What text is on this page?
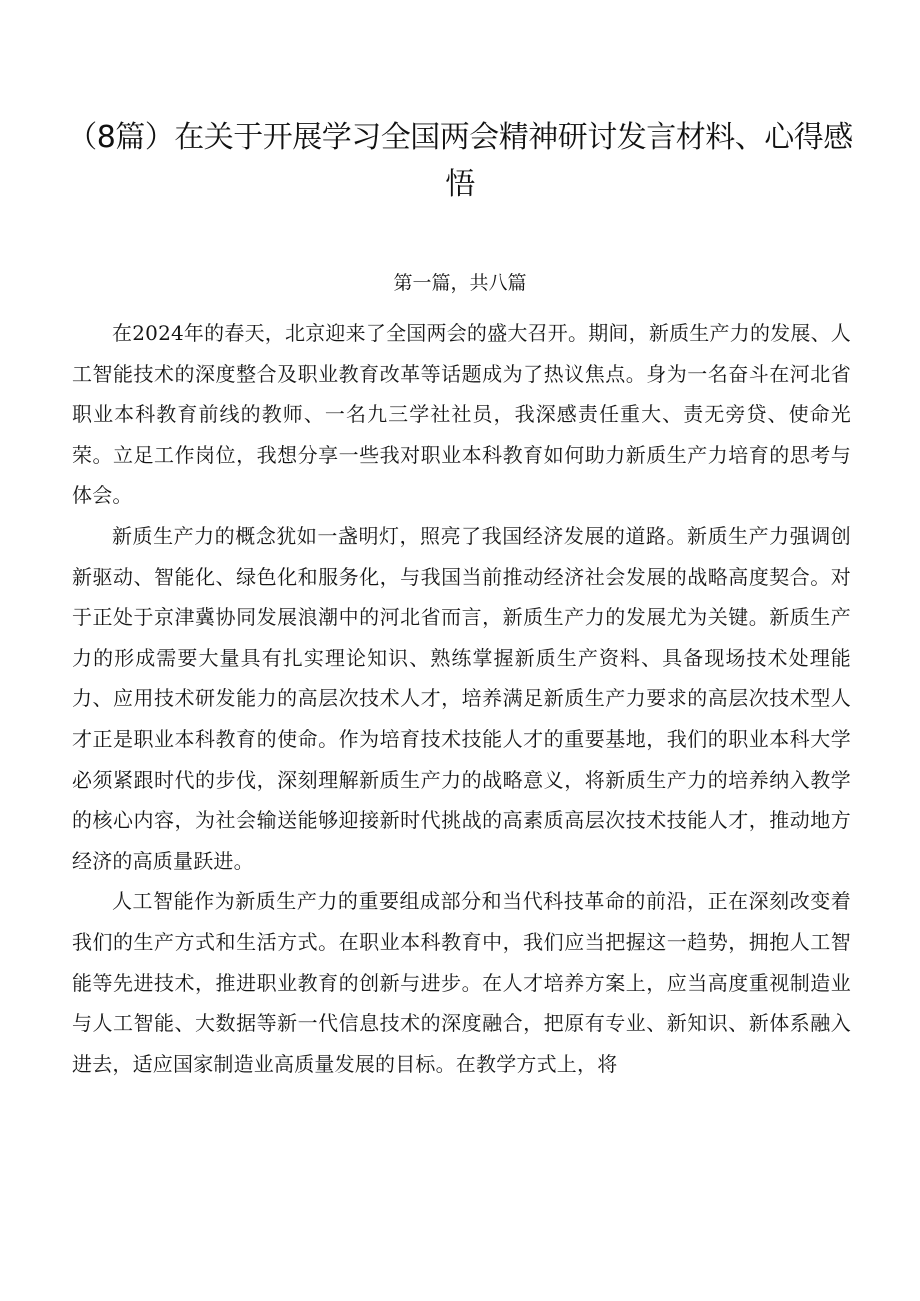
（8篇）在关于开展学习全国两会精神研讨发言材料、心得感悟
第一篇，共八篇

在2024年的春天，北京迎来了全国两会的盛大召开。期间，新质生产力的发展、人工智能技术的深度整合及职业教育改革等话题成为了热议焦点。身为一名奋斗在河北省职业本科教育前线的教师、一名九三学社社员，我深感责任重大、责无旁贷、使命光荣。立足工作岗位，我想分享一些我对职业本科教育如何助力新质生产力培育的思考与体会。

新质生产力的概念犹如一盏明灯，照亮了我国经济发展的道路。新质生产力强调创新驱动、智能化、绿色化和服务化，与我国当前推动经济社会发展的战略高度契合。对于正处于京津冀协同发展浪潮中的河北省而言，新质生产力的发展尤为关键。新质生产力的形成需要大量具有扎实理论知识、熟练掌握新质生产资料、具备现场技术处理能力、应用技术研发能力的高层次技术人才，培养满足新质生产力要求的高层次技术型人才正是职业本科教育的使命。作为培育技术技能人才的重要基地，我们的职业本科大学必须紧跟时代的步伐，深刻理解新质生产力的战略意义，将新质生产力的培养纳入教学的核心内容，为社会输送能够迎接新时代挑战的高素质高层次技术技能人才，推动地方经济的高质量跃进。

人工智能作为新质生产力的重要组成部分和当代科技革命的前沿，正在深刻改变着我们的生产方式和生活方式。在职业本科教育中，我们应当把握这一趋势，拥抱人工智能等先进技术，推进职业教育的创新与进步。在人才培养方案上，应当高度重视制造业与人工智能、大数据等新一代信息技术的深度融合，把原有专业、新知识、新体系融入进去，适应国家制造业高质量发展的目标。在教学方式上，将
